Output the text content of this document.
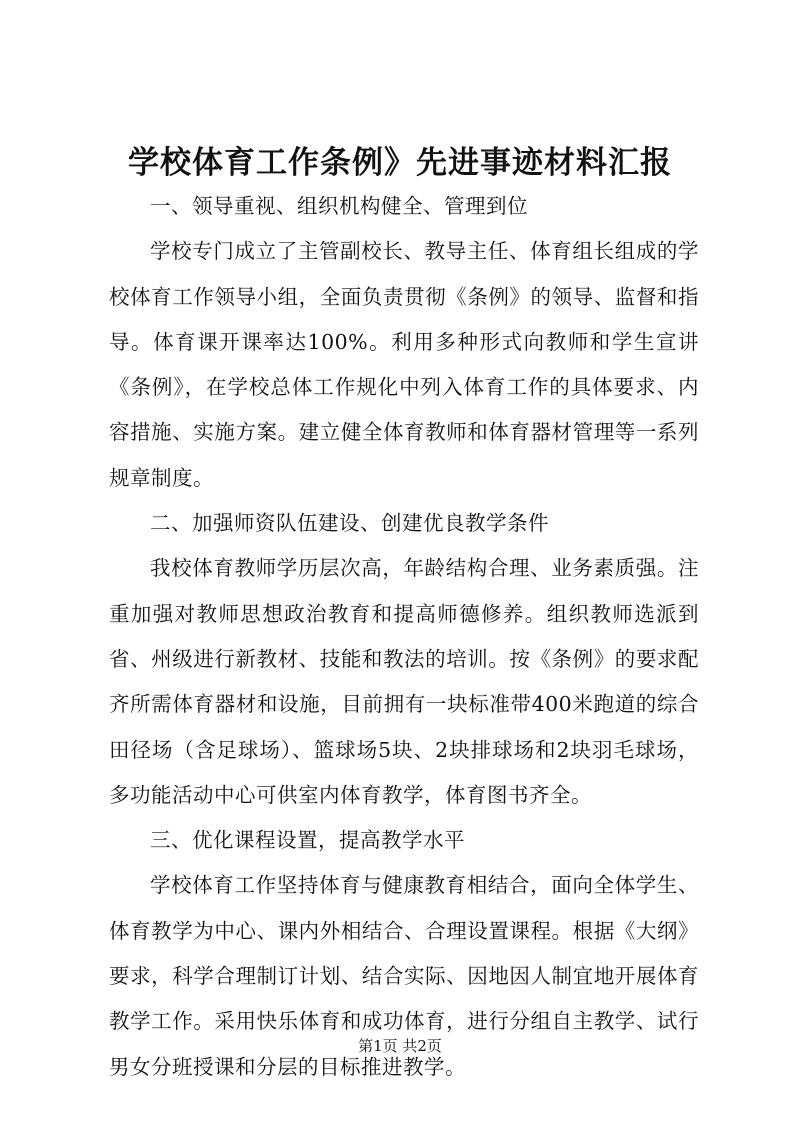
学校体育工作条例》先进事迹材料汇报

一、领导重视、组织机构健全、管理到位

学校专门成立了主管副校长、教导主任、体育组长组成的学校体育工作领导小组，全面负责贯彻《条例》的领导、监督和指导。体育课开课率达100%。利用多种形式向教师和学生宣讲《条例》，在学校总体工作规化中列入体育工作的具体要求、内容措施、实施方案。建立健全体育教师和体育器材管理等一系列规章制度。

二、加强师资队伍建设、创建优良教学条件

我校体育教师学历层次高，年龄结构合理、业务素质强。注重加强对教师思想政治教育和提高师德修养。组织教师选派到省、州级进行新教材、技能和教法的培训。按《条例》的要求配齐所需体育器材和设施，目前拥有一块标准带400米跑道的综合田径场（含足球场）、篮球场5块、2块排球场和2块羽毛球场，多功能活动中心可供室内体育教学，体育图书齐全。

三、优化课程设置，提高教学水平

学校体育工作坚持体育与健康教育相结合，面向全体学生、体育教学为中心、课内外相结合、合理设置课程。根据《大纲》要求，科学合理制订计划、结合实际、因地因人制宜地开展体育教学工作。采用快乐体育和成功体育，进行分组自主教学、试行男女分班授课和分层的目标推进教学。

第1页 共2页
